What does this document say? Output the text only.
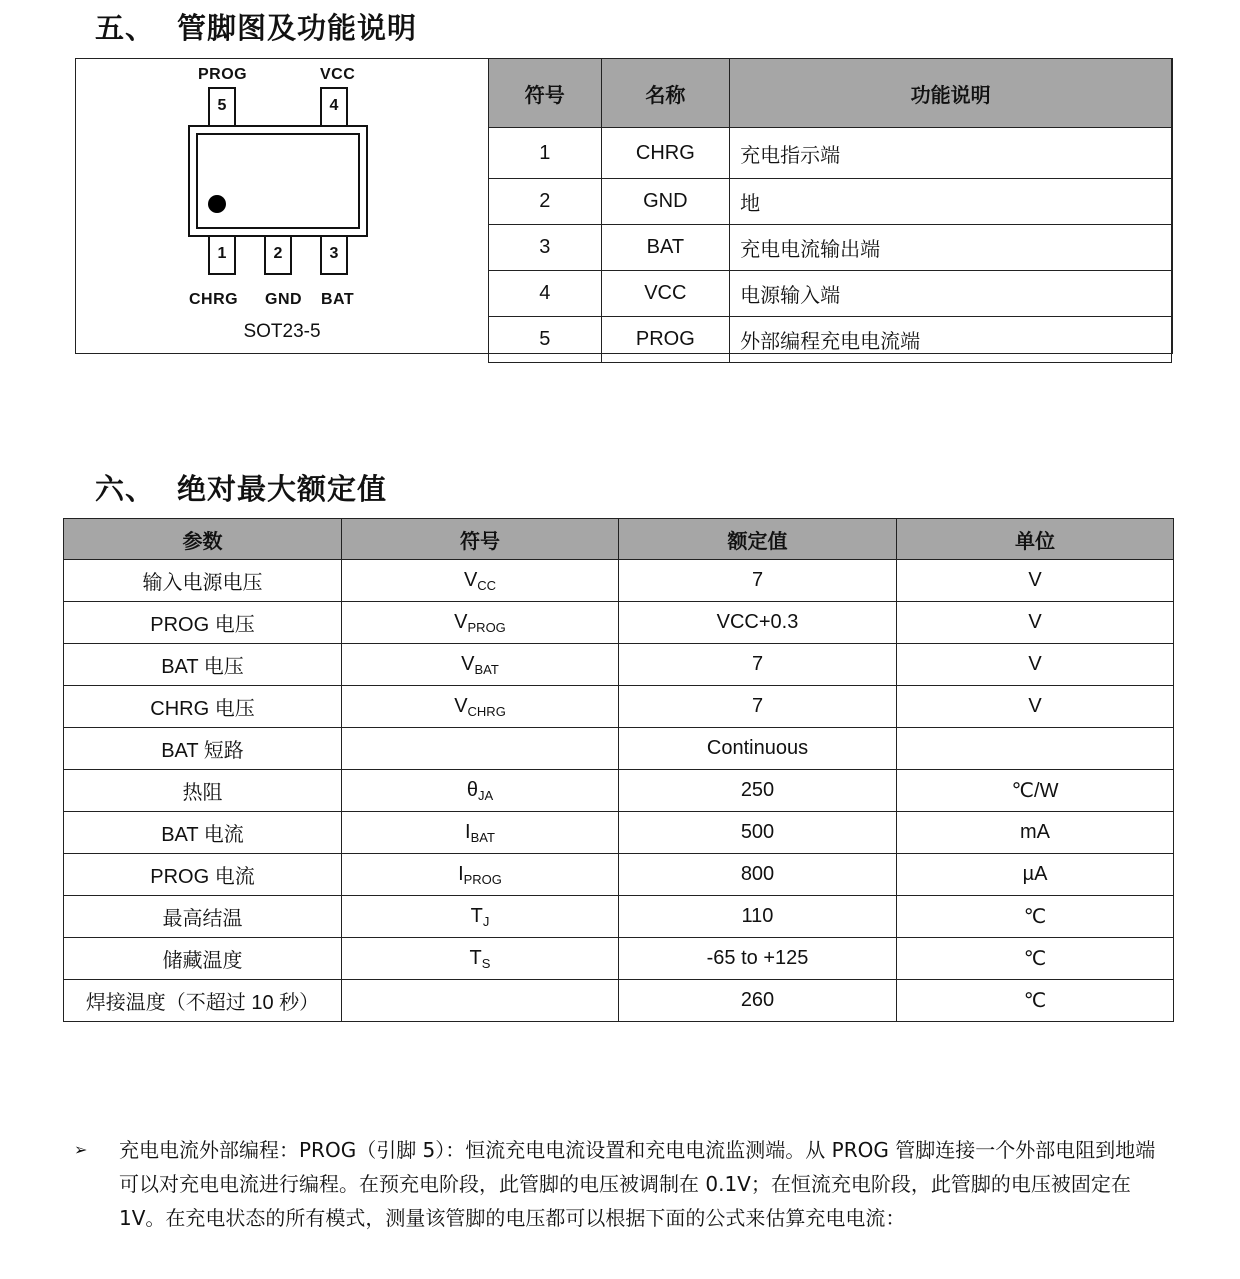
五、 管脚图及功能说明
PROG	VCC
5	4
1	2	3
CHRG GND BAT
SOT23-5
符号	名称	功能说明
1	CHRG	充电指示端
2	GND	地
3	BAT	充电电流输出端
4	VCC	电源输入端
5	PROG	外部编程充电电流端
六、 绝对最大额定值
参数	符号	额定值	单位
输入电源电压	$V_{CC}$	7	V
PROG 电压	$V_{PROG}$	VCC+0.3	V
BAT 电压	$V_{BAT}$	7	V
CHRG 电压	$V_{CHRG}$	7	V
BAT 短路		Continuous	
热阻	$\theta_{JA}$	250	℃/W
BAT 电流	$I_{BAT}$	500	mA
PROG 电流	$I_{PROG}$	800	µA
最高结温	$T_J$	110	℃
储藏温度	$T_S$	-65 to +125	℃
焊接温度（不超过 10 秒）		260	℃
➢ 充电电流外部编程：PROG（引脚 5）：恒流充电电流设置和充电电流监测端。从 PROG 管脚连接一个外部电阻到地端可以对充电电流进行编程。在预充电阶段，此管脚的电压被调制在 0.1V；在恒流充电阶段，此管脚的电压被固定在 1V。在充电状态的所有模式，测量该管脚的电压都可以根据下面的公式来估算充电电流：
